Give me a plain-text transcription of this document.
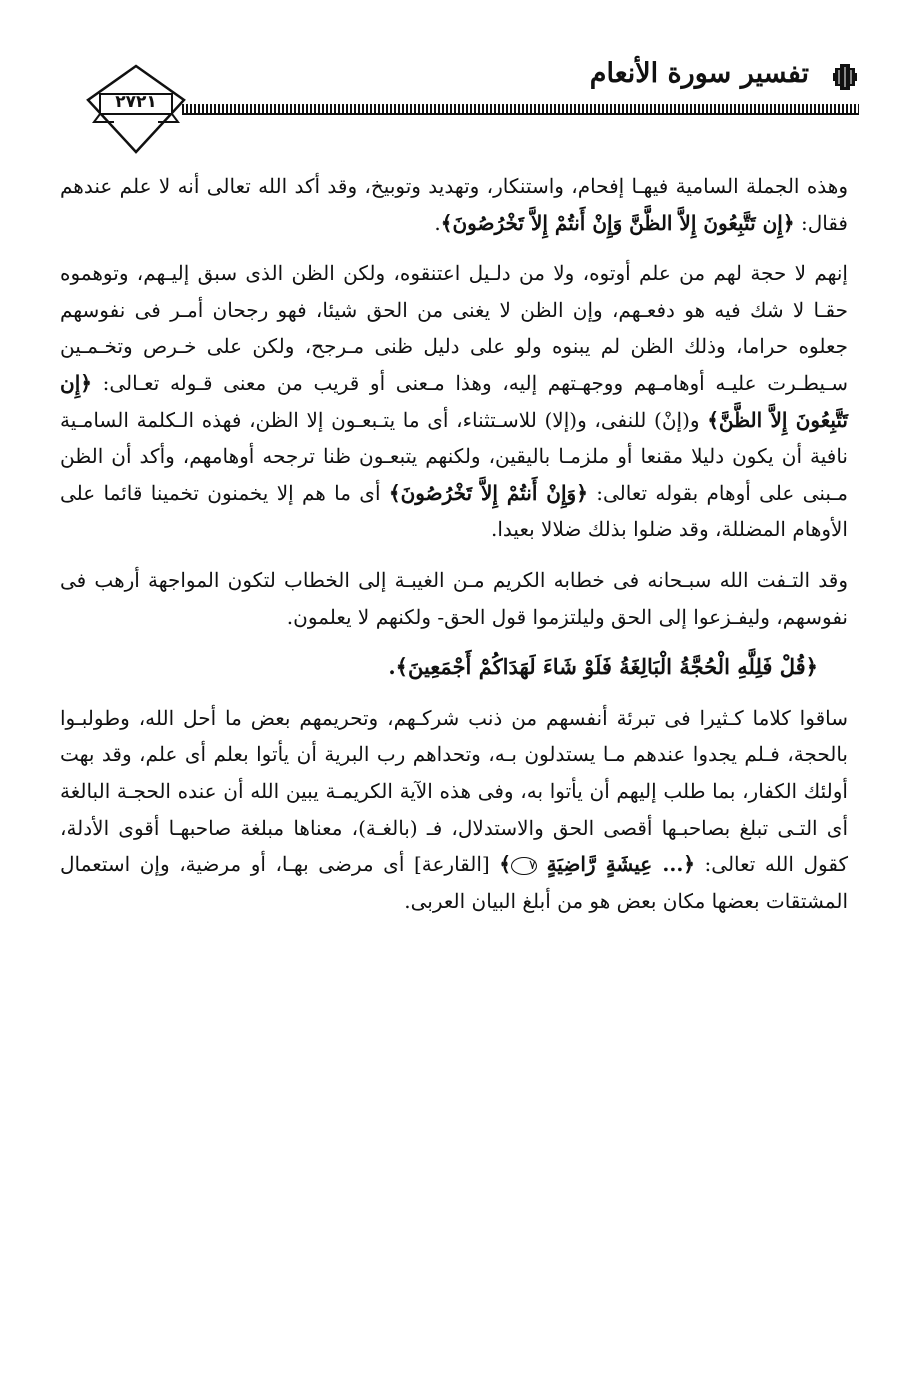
تفسير سورة الأنعام
٢٧٢١

وهذه الجملة السامية فيهـا إفحام، واستنكار، وتهديد وتوبيخ، وقد أكد الله تعالى أنه لا علم عندهم فقال: ﴿إِن تَتَّبِعُونَ إِلاَّ الظَّنَّ وَإِنْ أَنتُمْ إِلاَّ تَخْرُصُونَ﴾.

إنهم لا حجة لهم من علم أوتوه، ولا من دلـيل اعتنقوه، ولكن الظن الذى سبق إليـهم، وتوهموه حقـا لا شك فيه هو دفعـهم، وإن الظن لا يغنى من الحق شيئا، فهو رجحان أمـر فى نفوسهم جعلوه حراما، وذلك الظن لم يبنوه ولو على دليل ظنى مـرجح، ولكن على خـرص وتخـمـين سـيطـرت عليـه أوهامـهم ووجهـتهم إليه، وهذا مـعنى أو قريب من معنى قـوله تعـالى: ﴿إِن تَتَّبِعُونَ إِلاَّ الظَّنَّ﴾ و(إنْ) للنفى، و(إلا) للاسـتثناء، أى ما يتـبعـون إلا الظن، فهذه الـكلمة السامـية نافية أن يكون دليلا مقنعا أو ملزمـا باليقين، ولكنهم يتبعـون ظنا ترجحه أوهامهم، وأكد أن الظن مـبنى على أوهام بقوله تعالى: ﴿وَإِنْ أَنتُمْ إِلاَّ تَخْرُصُونَ﴾ أى ما هم إلا يخمنون تخمينا قائما على الأوهام المضللة، وقد ضلوا بذلك ضلالا بعيدا.

وقد التـفت الله سبـحانه فى خطابه الكريم مـن الغيبـة إلى الخطاب لتكون المواجهة أرهب فى نفوسهم، وليفـزعوا إلى الحق وليلتزموا قول الحق- ولكنهم لا يعلمون.

﴿قُلْ فَلِلَّهِ الْحُجَّةُ الْبَالِغَةُ فَلَوْ شَاءَ لَهَدَاكُمْ أَجْمَعِينَ﴾.

ساقوا كلاما كـثيرا فى تبرئة أنفسهم من ذنب شركـهم، وتحريمهم بعض ما أحل الله، وطولبـوا بالحجة، فـلم يجدوا عندهم مـا يستدلون بـه، وتحداهم رب البرية أن يأتوا بعلم أى علم، وقد بهت أولئك الكفار، بما طلب إليهم أن يأتوا به، وفى هذه الآية الكريمـة يبين الله أن عنده الحجـة البالغة أى التـى تبلغ بصاحبـها أقصى الحق والاستدلال، فـ (بالغـة)، معناها مبلغة صاحبهـا أقوى الأدلة، كقول الله تعالى: ﴿... عِيشَةٍ رَّاضِيَةٍ ٧﴾ [القارعة] أى مرضى بهـا، أو مرضية، وإن استعمال المشتقات بعضها مكان بعض هو من أبلغ البيان العربى.
